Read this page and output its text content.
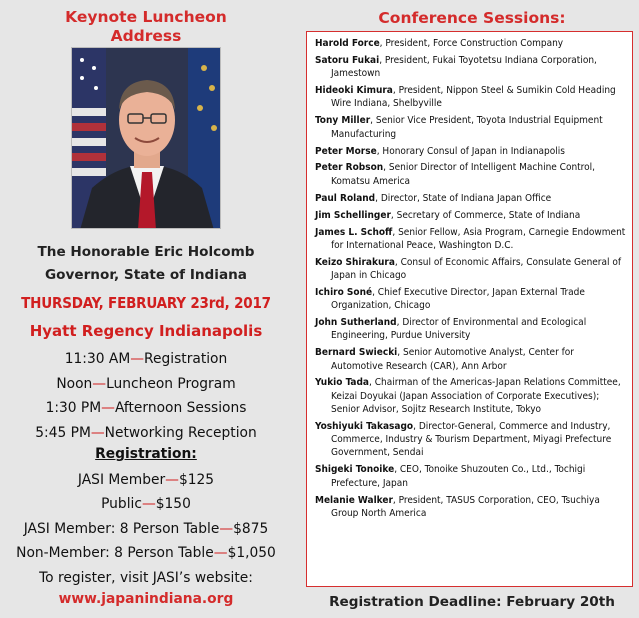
Keynote Luncheon
Address
The Honorable Eric Holcomb
Governor, State of Indiana
THURSDAY, FEBRUARY 23rd, 2017
Hyatt Regency Indianapolis
11:30 AM—Registration
Noon—Luncheon Program
1:30 PM—Afternoon Sessions
5:45 PM—Networking Reception
Registration:
JASI Member—$125
Public—$150
JASI Member: 8 Person Table—$875
Non-Member: 8 Person Table—$1,050
To register, visit JASI’s website:
www.japanindiana.org
Conference Sessions:
Harold Force, President, Force Construction Company
Satoru Fukai, President, Fukai Toyotetsu Indiana Corporation, Jamestown
Hideoki Kimura, President, Nippon Steel & Sumikin Cold Heading Wire Indiana, Shelbyville
Tony Miller, Senior Vice President, Toyota Industrial Equipment Manufacturing
Peter Morse, Honorary Consul of Japan in Indianapolis
Peter Robson, Senior Director of Intelligent Machine Control, Komatsu America
Paul Roland, Director, State of Indiana Japan Office
Jim Schellinger, Secretary of Commerce, State of Indiana
James L. Schoff, Senior Fellow, Asia Program, Carnegie Endowment for International Peace, Washington D.C.
Keizo Shirakura, Consul of Economic Affairs, Consulate General of Japan in Chicago
Ichiro Soné, Chief Executive Director, Japan External Trade Organization, Chicago
John Sutherland, Director of Environmental and Ecological Engineering, Purdue University
Bernard Swiecki, Senior Automotive Analyst, Center for Automotive Research (CAR), Ann Arbor
Yukio Tada, Chairman of the Americas-Japan Relations Committee, Keizai Doyukai (Japan Association of Corporate Executives); Senior Advisor, Sojitz Research Institute, Tokyo
Yoshiyuki Takasago, Director-General, Commerce and Industry, Commerce, Industry & Tourism Department, Miyagi Prefecture Government, Sendai
Shigeki Tonoike, CEO, Tonoike Shuzouten Co., Ltd., Tochigi Prefecture, Japan
Melanie Walker, President, TASUS Corporation, CEO, Tsuchiya Group North America
Registration Deadline: February 20th
